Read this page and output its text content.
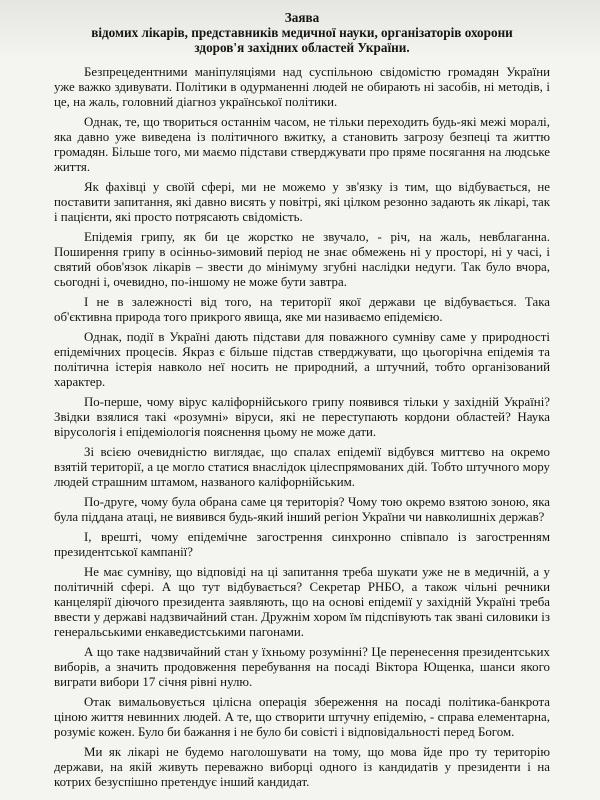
Заява
відомих лікарів, представників медичної науки, організаторів охорони
здоров'я західних областей України.

Безпрецедентними маніпуляціями над суспільною свідомістю громадян України уже важко здивувати. Політики в одурманенні людей не обирають ні засобів, ні методів, і це, на жаль, головний діагноз української політики.

Однак, те, що твориться останнім часом, не тільки переходить будь-які межі моралі, яка давно уже виведена із політичного вжитку, а становить загрозу безпеці та життю громадян. Більше того, ми маємо підстави стверджувати про пряме посягання на людське життя.

Як фахівці у своїй сфері, ми не можемо у зв'язку із тим, що відбувається, не поставити запитання, які давно висять у повітрі, які цілком резонно задають як лікарі, так і пацієнти, які просто потрясають свідомість.

Епідемія грипу, як би це жорстко не звучало, - річ, на жаль, невблаганна. Поширення грипу в осінньо-зимовий період не знає обмежень ні у просторі, ні у часі, і святий обов'язок лікарів – звести до мінімуму згубні наслідки недуги. Так було вчора, сьогодні і, очевидно, по-іншому не може бути завтра.

І не в залежності від того, на території якої держави це відбувається. Така об'єктивна природа того прикрого явища, яке ми називаємо епідемією.

Однак, події в Україні дають підстави для поважного сумніву саме у природності епідемічних процесів. Якраз є більше підстав стверджувати, що цьогорічна епідемія та політична істерія навколо неї носить не природний, а штучний, тобто організований характер.

По-перше, чому вірус каліфорнійського грипу появився тільки у західній Україні? Звідки взялися такі «розумні» віруси, які не переступають кордони областей? Наука вірусологія і епідеміологія пояснення цьому не може дати.

Зі всією очевидністю виглядає, що спалах епідемії відбувся миттєво на окремо взятій території, а це могло статися внаслідок цілеспрямованих дій. Тобто штучного мору людей страшним штамом, названого каліфорнійським.

По-друге, чому була обрана саме ця територія? Чому тою окремо взятою зоною, яка була піддана атаці, не виявився будь-який інший регіон України чи навколишніх держав?

І, врешті, чому епідемічне загострення синхронно співпало із загостренням президентської кампанії?

Не має сумніву, що відповіді на ці запитання треба шукати уже не в медичній, а у політичній сфері. А що тут відбувається? Секретар РНБО, а також чільні речники канцелярії діючого президента заявляють, що на основі епідемії у західній Україні треба ввести у державі надзвичайний стан. Дружнім хором їм підспівують так звані силовики із генеральськими енкаведистськими пагонами.

А що таке надзвичайний стан у їхньому розумінні? Це перенесення президентських виборів, а значить продовження перебування на посаді Віктора Ющенка, шанси якого виграти вибори 17 січня рівні нулю.

Отак вимальовується цілісна операція збереження на посаді політика-банкрота ціною життя невинних людей. А те, що створити штучну епідемію, - справа елементарна, розуміє кожен. Було би бажання і не було би совісті і відповідальності перед Богом.

Ми як лікарі не будемо наголошувати на тому, що мова йде про ту територію держави, на якій живуть переважно виборці одного із кандидатів у президенти і на котрих безуспішно претендує інший кандидат.
